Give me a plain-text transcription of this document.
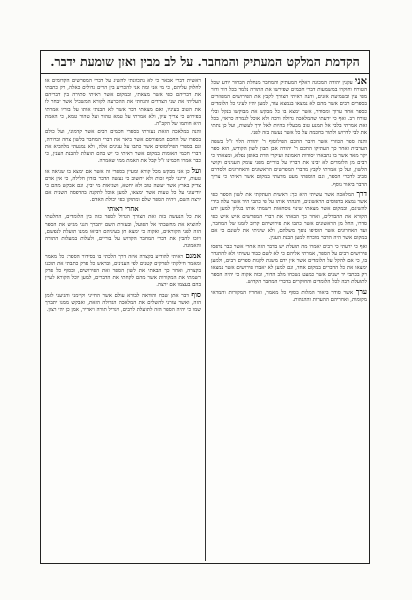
הקדמת המלקט המעתיק והמחבר. על לב מבין ואזן שומעת ידבר.

אני עקנין יהודה המכונה ראלף המעתיק והמחבר מנחלת הבחור יודע שכל הטורח וחוקרו במשמעות דברי חכמים שפירשו את התורה נלמד בכל דור ודור מפי עין ובשמיעת אזנים, והנה ראיתי הצורך לקבץ את הפירושים המפוזרים בספרים רבים אשר מהם לא נמצאו בנמצא עוד, למען יהיו לעיני כל הלומדים כספר אחד ערוך ומסודר, אשר ימצא בו כל מבקש את מבוקשו בנקל ובלי טורח רב. ואף כי ידעתי שהמלאכה גדולה ורבה ולא אוכל לגמרה כראוי, בכל זאת אמרתי בלבי אל תמנע טוב מבעליו בהיות לאל ידך לעשות, ועל כן נתתי את לבי לדרוש ולתור בחכמה על כל אשר נעשה בזה לפני.

והנה ספר הכוזרי אשר חיבר החכם הפילוסוף ר' יהודה הלוי ז"ל בשפה הערבית ואחר כך העתיקו החכם ר' יהודה אבן תבון לשון הקודש, הוא ספר יקר מאד אשר בו נתבארו יסודות האמונה ועיקרי הדת באופן נפלא, ומצאתי כי רבים מן הלומדים לא יבינו את דבריו על בוריים מפני עומק הענינים וקושי הלשון, ועל כן אמרתי לקבץ מדברי המפרשים הראשונים והאחרונים ולסדרם סביב לדברי הספר, וגם הוספתי מעט מדעתי במקום אשר ראיתי כי צריך הדבר ביאור נוסף.

דרך המלאכה אשר עשיתי היא כך: ראשית העתקתי את לשון הספר כפי אשר נמצא בדפוסים הראשונים, והגהתי אותו על פי כתבי היד אשר עלה בידי להשיגם, ובמקום אשר מצאתי שינוי נוסחאות רשמתי אותו בגליון למען ידע הקורא את ההבדלים, ואחר כך הבאתי את דברי המפרשים איש איש כפי סדרו, החל מן הראשונים אשר כתבו את פירושיהם קרוב לזמנו של המחבר, ועד האחרונים אשר הוסיפו נופך משלהם, ולא שיניתי את לשונם כי אם במקום אשר היה הדבר מוכרח למען הבנת הענין.

ואף כי ידעתי כי רבים יאמרו מה תועלת יש בדבר הזה אחרי אשר כבר נדפסו פירושים רבים על הספר, אמרתי אליהם כי לא לשם כבוד עשיתי ולא להתגדר בו, כי אם להקל על הלומדים אשר אין ידם משגת לקנות ספרים רבים, ולמען ימצאו את כל הדברים במקום אחד, וגם למען לא יאבדו פירושים אשר נמצאו רק בכתבי יד ישנים אשר כמעט נשכחו מלב הדור, ובזה אקוה כי יהיה הספר לתועלת רבה לכל הלומדים והחוקרים בדברי המחבר הקדוש.

ערך אשר סודר ביאור המלות בסוף כל מאמר, ואחריו המקורות והמראי מקומות, ואחריהם ההערות וההגהות.

ראשית דברי אבאר כי לא נתכוונתי להשיג על דברי המפרשים הקדומים או לחלוק עליהם, כי מי אני ומה אני להכריע בין הרים גדולים כאלה, רק כתבתי את דבריהם כפי אשר מצאתי, ובמקום אשר ראיתי סתירה בין דבריהם העליתי את שני הצדדים והנחתי את ההכרעה לקורא המשכיל אשר יבחר לו את הטוב בעיניו, ואם מצאתי דבר אשר לא הבנתי אותו על בוריו אמרתי בפירוש כי צריך עיון, ולא אמרתי על טמא טהור ועל טהור טמא, כי האמת היא חותמו של הקב"ה.

והנה במלאכה הזאת נעזרתי בספרי חכמים רבים אשר קדמוני, ועל כולם בספרו של החכם המפורסם אשר ביאר את דברי המחבר בלשון צחה וברורה, וגם בספרי הפילוסופים אשר כתבו על ענינים אלה, ולא נמנעתי מלהביא את דברי חכמי האומות במקום אשר ראיתי כי יש בהם תועלת להבנת הענין, כי כבר אמרו חכמינו ז"ל קבל את האמת ממי שאמרה.

ועל כן אני מבקש מכל קורא ומעיין בספרי זה אשר אם ימצא בו שגיאה או טעות, ידינני לכף זכות ולא יחשוב כי נעשה הדבר בזדון חלילה, כי אין אדם צדיק בארץ אשר יעשה טוב ולא יחטא, ושגיאות מי יבין. וגם אבקש מהם כי יודיעוני על כל טעות אשר ימצאו, למען אוכל לתקנה בהדפסה השנית אם ירצה השם, ויהיה הספר שלם ומתוקן כפי יכולת האדם.

אחרי ראותי
את כל הנעשה בזה ואת הצורך הגדול לספר כזה בין הלומדים, החלטתי להוציא את מחשבתי אל הפועל, ובעזרת השם יתברך הנני מגיש את הספר הזה לפני הקוראים, ואקוה כי ימצא חן בעיניהם ויביאו ממנו תועלת לנפשם, ויזכו להבין את דברי המחבר הקדוש על בוריים, ולעלות במעלות התורה והאמונה.

אמנם ראיתי להודיע בקצרה איזה דרך הלכתי בו בסידור הספר: כל מאמר ומאמר חילקתי לפרקים קטנים לפי הענינים, ובראש כל פרק כתבתי את תוכנו בקצרה, ואחר כך הבאתי את לשון הספר ואת הפירושים, ובסוף כל פרק רשמתי את המקורות אשר מהם לקחתי את הדברים, למען יוכל הקורא לעיין בהם בעצמו אם ירצה.

סוף דבר אתן שבח והודאה לבורא עולם אשר החייני וקיימני והגיעני לזמן הזה, ואשר עזרני להשלים את המלאכה הגדולה הזאת, ואבקש ממנו יתברך שמו כי יהיה הספר הזה לתועלת לרבים, ויגדיל תורה ויאדיר, אמן כן יהי רצון.
